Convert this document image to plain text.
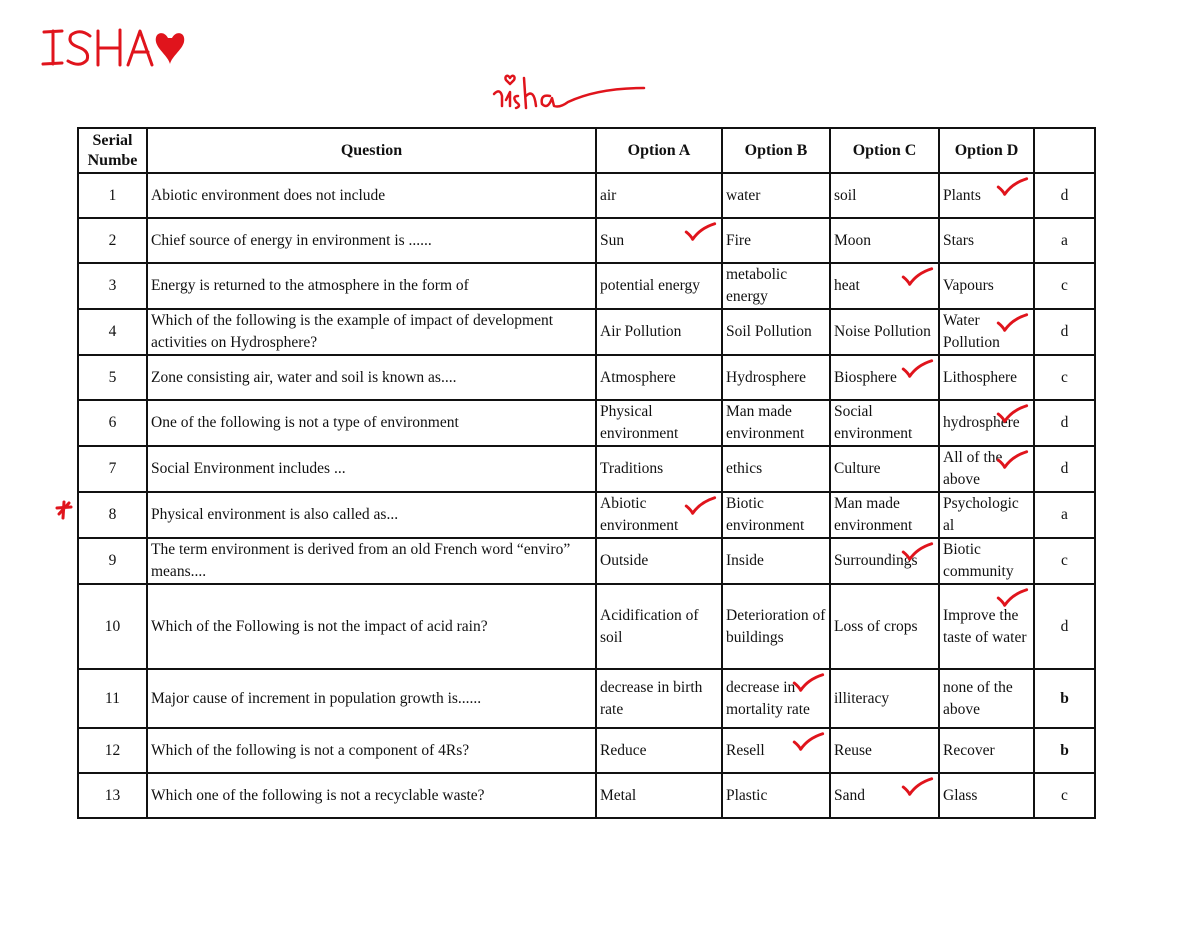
Serial Numbe	Question	Option A	Option B	Option C	Option D	
1	Abiotic environment does not include	air	water	soil	Plants	d
2	Chief source of energy in environment is ......	Sun	Fire	Moon	Stars	a
3	Energy is returned to the atmosphere in the form of	potential energy	metabolic energy	heat	Vapours	c
4	Which of the following is the example of impact of development activities on Hydrosphere?	Air Pollution	Soil Pollution	Noise Pollution	Water Pollution	d
5	Zone consisting air, water and soil is known as....	Atmosphere	Hydrosphere	Biosphere	Lithosphere	c
6	One of the following is not a type of environment	Physical environment	Man made environment	Social environment	hydrosphere	d
7	Social Environment includes ...	Traditions	ethics	Culture	All of the above	d
8	Physical environment is also called as...	Abiotic environment	Biotic environment	Man made environment	Psychologic al	a
9	The term environment is derived from an old French word “enviro” means....	Outside	Inside	Surroundings	Biotic community	c
10	Which of the Following is not the impact of acid rain?	Acidification of soil	Deterioration of buildings	Loss of crops	Improve the taste of water	d
11	Major cause of increment in population growth is......	decrease in birth rate	decrease in mortality rate	illiteracy	none of the above	b
12	Which of the following is not a component of 4Rs?	Reduce	Resell	Reuse	Recover	b
13	Which one of the following is not a recyclable waste?	Metal	Plastic	Sand	Glass	c
